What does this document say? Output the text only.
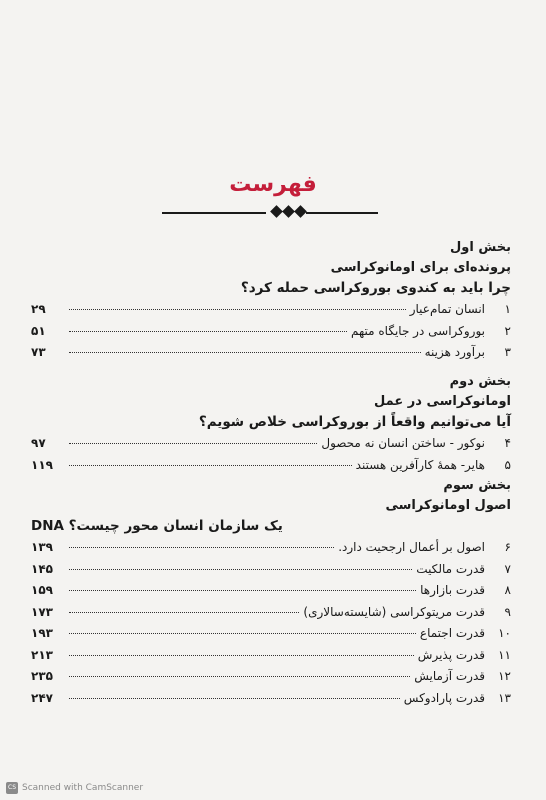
فهرست
بخش اول
پرونده‌ای برای اومانوکراسی
چرا باید به کندوی بوروکراسی حمله کرد؟
۱
انسان تمام‌عیار
۲۹
۲
بوروکراسی در جایگاه متهم
۵۱
۳
برآورد هزینه
۷۳
بخش دوم
اومانوکراسی در عمل
آیا می‌توانیم واقعاً از بوروکراسی خلاص شویم؟
۴
نوکور - ساختن انسان نه محصول
۹۷
۵
هایر- همهٔ کارآفرین هستند
۱۱۹
بخش سوم
اصول اومانوکراسی
DNA یک سازمان انسان محور چیست؟
۶
اصول بر أعمال ارجحیت دارد.
۱۳۹
۷
قدرت مالکیت
۱۴۵
۸
قدرت بازارها
۱۵۹
۹
قدرت مریتوکراسی (شایسته‌سالاری)
۱۷۳
۱۰
قدرت اجتماع
۱۹۳
۱۱
قدرت پذیرش
۲۱۳
۱۲
قدرت آزمایش
۲۳۵
۱۳
قدرت پارادوکس
۲۴۷
CS Scanned with CamScanner
